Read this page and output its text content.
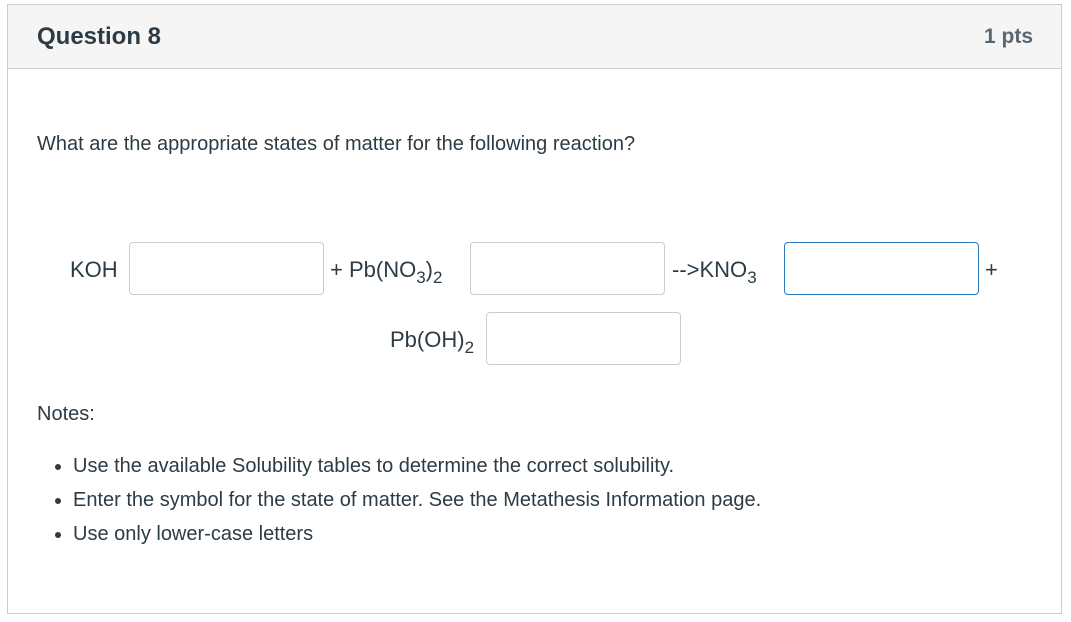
Question 8	1 pts

What are the appropriate states of matter for the following reaction?

KOH	+ $Pb(NO_3)_2$	$-->KNO_3$	+
$Pb(OH)_2$
Notes:
• Use the available Solubility tables to determine the correct solubility.
• Enter the symbol for the state of matter. See the Metathesis Information page.
• Use only lower-case letters
